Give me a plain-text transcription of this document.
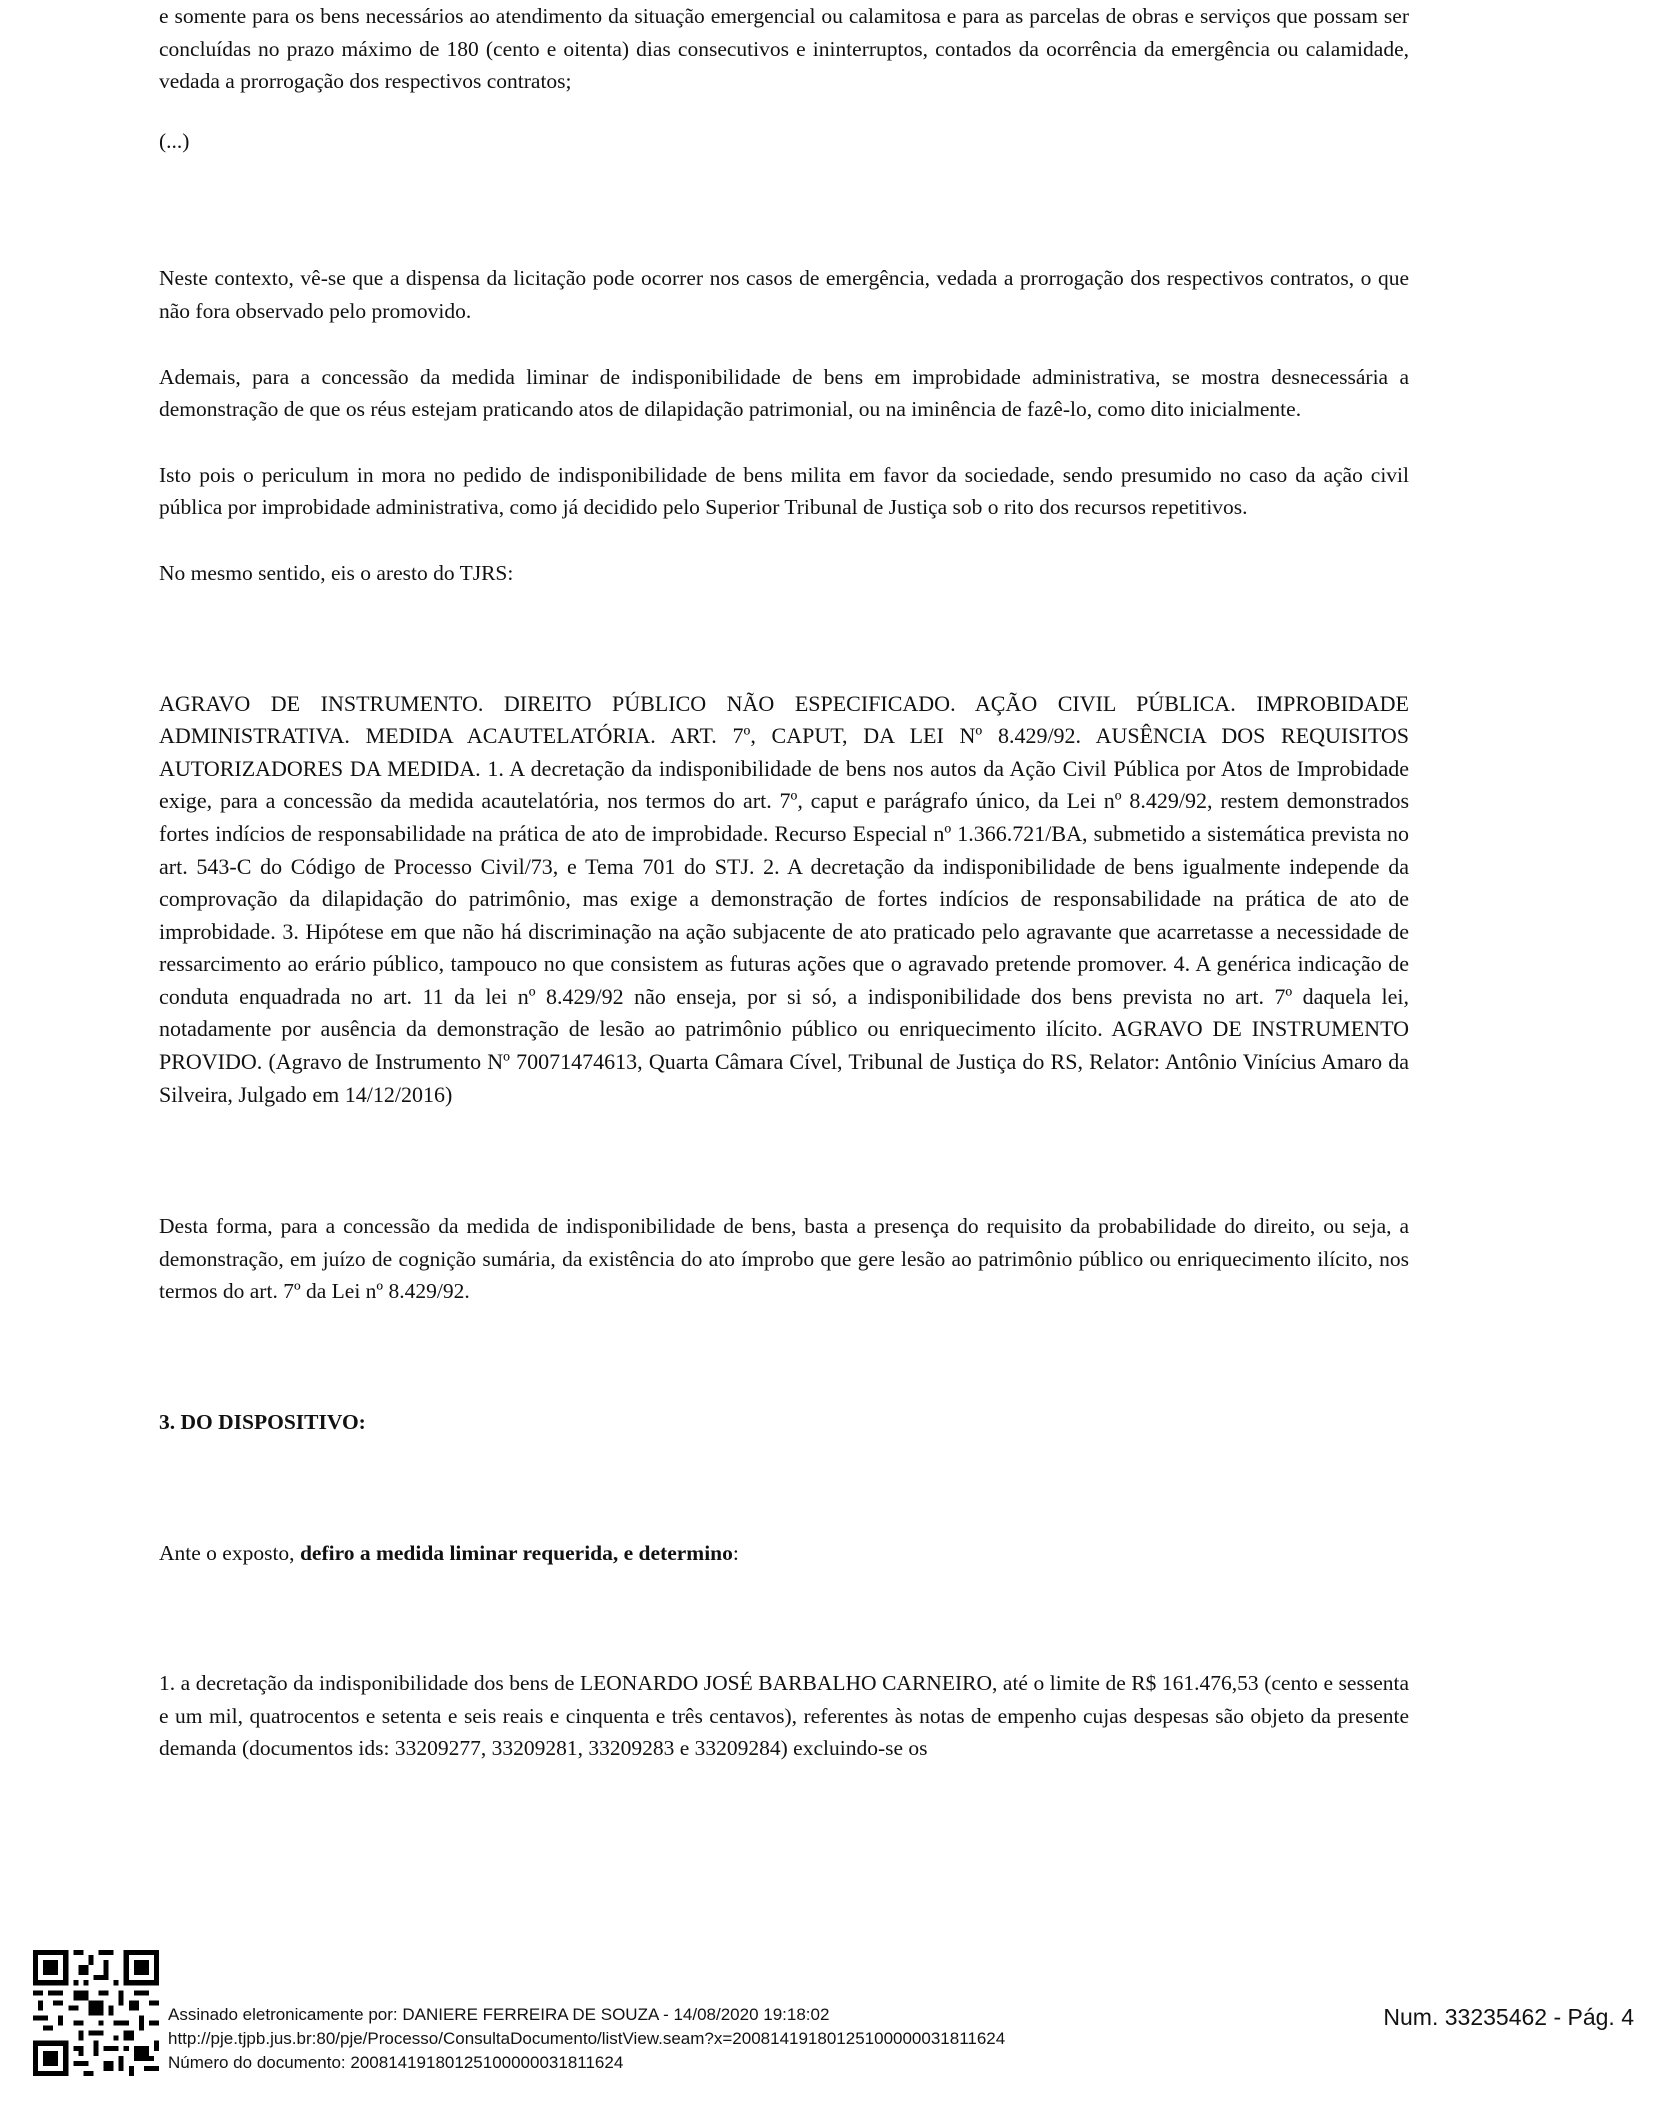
e somente para os bens necessários ao atendimento da situação emergencial ou calamitosa e para as parcelas de obras e serviços que possam ser concluídas no prazo máximo de 180 (cento e oitenta) dias consecutivos e ininterruptos, contados da ocorrência da emergência ou calamidade, vedada a prorrogação dos respectivos contratos;

(...)

Neste contexto, vê-se que a dispensa da licitação pode ocorrer nos casos de emergência, vedada a prorrogação dos respectivos contratos, o que não fora observado pelo promovido.

Ademais, para a concessão da medida liminar de indisponibilidade de bens em improbidade administrativa, se mostra desnecessária a demonstração de que os réus estejam praticando atos de dilapidação patrimonial, ou na iminência de fazê-lo, como dito inicialmente.

Isto pois o periculum in mora no pedido de indisponibilidade de bens milita em favor da sociedade, sendo presumido no caso da ação civil pública por improbidade administrativa, como já decidido pelo Superior Tribunal de Justiça sob o rito dos recursos repetitivos.

No mesmo sentido, eis o aresto do TJRS:

AGRAVO DE INSTRUMENTO. DIREITO PÚBLICO NÃO ESPECIFICADO. AÇÃO CIVIL PÚBLICA. IMPROBIDADE ADMINISTRATIVA. MEDIDA ACAUTELATÓRIA. ART. 7º, CAPUT, DA LEI Nº 8.429/92. AUSÊNCIA DOS REQUISITOS AUTORIZADORES DA MEDIDA. 1. A decretação da indisponibilidade de bens nos autos da Ação Civil Pública por Atos de Improbidade exige, para a concessão da medida acautelatória, nos termos do art. 7º, caput e parágrafo único, da Lei nº 8.429/92, restem demonstrados fortes indícios de responsabilidade na prática de ato de improbidade. Recurso Especial nº 1.366.721/BA, submetido a sistemática prevista no art. 543-C do Código de Processo Civil/73, e Tema 701 do STJ. 2. A decretação da indisponibilidade de bens igualmente independe da comprovação da dilapidação do patrimônio, mas exige a demonstração de fortes indícios de responsabilidade na prática de ato de improbidade. 3. Hipótese em que não há discriminação na ação subjacente de ato praticado pelo agravante que acarretasse a necessidade de ressarcimento ao erário público, tampouco no que consistem as futuras ações que o agravado pretende promover. 4. A genérica indicação de conduta enquadrada no art. 11 da lei nº 8.429/92 não enseja, por si só, a indisponibilidade dos bens prevista no art. 7º daquela lei, notadamente por ausência da demonstração de lesão ao patrimônio público ou enriquecimento ilícito. AGRAVO DE INSTRUMENTO PROVIDO. (Agravo de Instrumento Nº 70071474613, Quarta Câmara Cível, Tribunal de Justiça do RS, Relator: Antônio Vinícius Amaro da Silveira, Julgado em 14/12/2016)

Desta forma, para a concessão da medida de indisponibilidade de bens, basta a presença do requisito da probabilidade do direito, ou seja, a demonstração, em juízo de cognição sumária, da existência do ato ímprobo que gere lesão ao patrimônio público ou enriquecimento ilícito, nos termos do art. 7º da Lei nº 8.429/92.

3. DO DISPOSITIVO:

Ante o exposto, defiro a medida liminar requerida, e determino:

1. a decretação da indisponibilidade dos bens de LEONARDO JOSÉ BARBALHO CARNEIRO, até o limite de R$ 161.476,53 (cento e sessenta e um mil, quatrocentos e setenta e seis reais e cinquenta e três centavos), referentes às notas de empenho cujas despesas são objeto da presente demanda (documentos ids: 33209277, 33209281, 33209283 e 33209284) excluindo-se os

Assinado eletronicamente por: DANIERE FERREIRA DE SOUZA - 14/08/2020 19:18:02
http://pje.tjpb.jus.br:80/pje/Processo/ConsultaDocumento/listView.seam?x=20081419180125100000031811624
Número do documento: 20081419180125100000031811624
Num. 33235462 - Pág. 4
